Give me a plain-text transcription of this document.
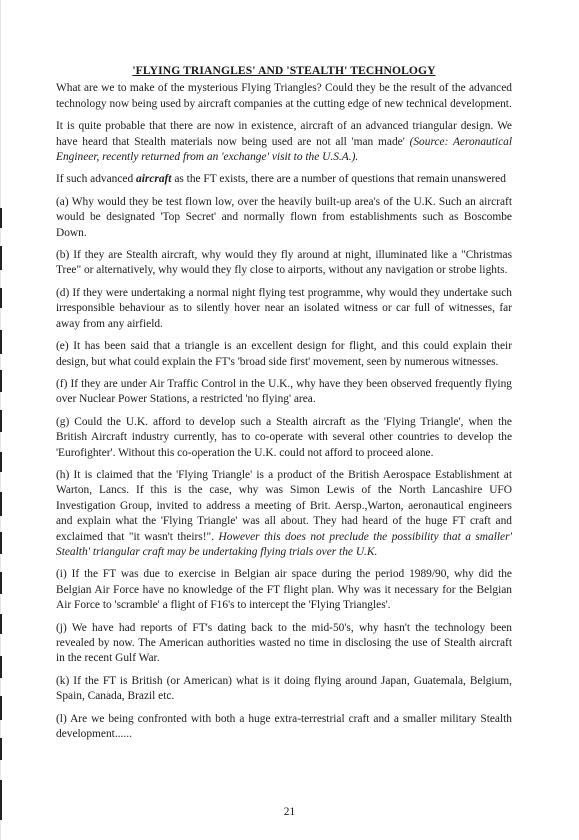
'FLYING TRIANGLES' AND 'STEALTH' TECHNOLOGY

What are we to make of the mysterious Flying Triangles? Could they be the result of the advanced technology now being used by aircraft companies at the cutting edge of new technical development.

It is quite probable that there are now in existence, aircraft of an advanced triangular design. We have heard that Stealth materials now being used are not all 'man made' (Source: Aeronautical Engineer, recently returned from an 'exchange' visit to the U.S.A.).

If such advanced aircraft as the FT exists, there are a number of questions that remain unanswered

(a) Why would they be test flown low, over the heavily built-up area's of the U.K. Such an aircraft would be designated 'Top Secret' and normally flown from establishments such as Boscombe Down.

(b) If they are Stealth aircraft, why would they fly around at night, illuminated like a "Christmas Tree" or alternatively, why would they fly close to airports, without any navigation or strobe lights.

(d) If they were undertaking a normal night flying test programme, why would they undertake such irresponsible behaviour as to silently hover near an isolated witness or car full of witnesses, far away from any airfield.

(e) It has been said that a triangle is an excellent design for flight, and this could explain their design, but what could explain the FT's 'broad side first' movement, seen by numerous witnesses.

(f) If they are under Air Traffic Control in the U.K., why have they been observed frequently flying over Nuclear Power Stations, a restricted 'no flying' area.

(g) Could the U.K. afford to develop such a Stealth aircraft as the 'Flying Triangle', when the British Aircraft industry currently, has to co-operate with several other countries to develop the 'Eurofighter'. Without this co-operation the U.K. could not afford to proceed alone.

(h) It is claimed that the 'Flying Triangle' is a product of the British Aerospace Establishment at Warton, Lancs. If this is the case, why was Simon Lewis of the North Lancashire UFO Investigation Group, invited to address a meeting of Brit. Aersp.,Warton, aeronautical engineers and explain what the 'Flying Triangle' was all about. They had heard of the huge FT craft and exclaimed that "it wasn't theirs!". However this does not preclude the possibility that a smaller' Stealth' triangular craft may be undertaking flying trials over the U.K.

(i) If the FT was due to exercise in Belgian air space during the period 1989/90, why did the Belgian Air Force have no knowledge of the FT flight plan. Why was it necessary for the Belgian Air Force to 'scramble' a flight of F16's to intercept the 'Flying Triangles'.

(j) We have had reports of FT's dating back to the mid-50's, why hasn't the technology been revealed by now. The American authorities wasted no time in disclosing the use of Stealth aircraft in the recent Gulf War.

(k) If the FT is British (or American) what is it doing flying around Japan, Guatemala, Belgium, Spain, Canada, Brazil etc.

(l) Are we being confronted with both a huge extra-terrestrial craft and a smaller military Stealth development......

21
